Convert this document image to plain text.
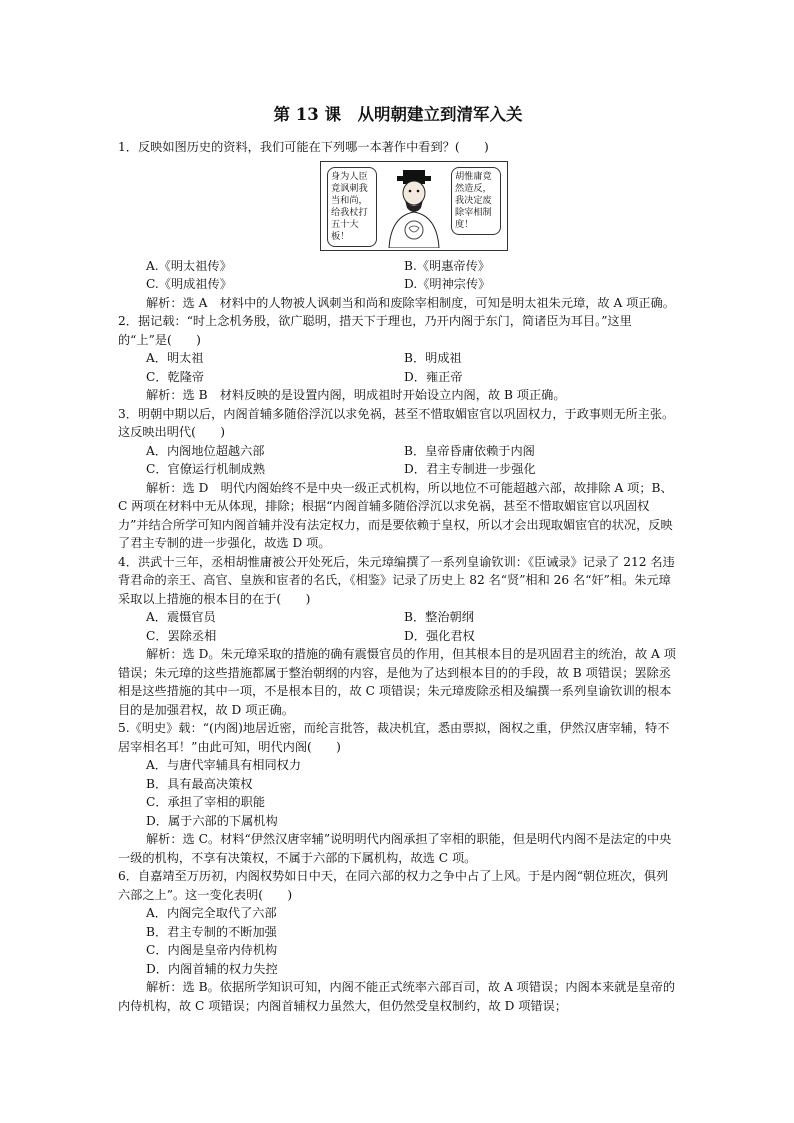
第 13 课　从明朝建立到清军入关

1．反映如图历史的资料，我们可能在下列哪一本著作中看到？(　　)

身为人臣竟讽刺我当和尚，给我杖打五十大板！
胡惟庸竟然造反，我决定废除宰相制度！
A.《明太祖传》	B.《明惠帝传》
C.《明成祖传》	D.《明神宗传》

解析：选 A　材料中的人物被人讽刺当和尚和废除宰相制度，可知是明太祖朱元璋，故 A 项正确。

2．据记载：“时上念机务殷，欲广聪明，措天下于理也，乃开内阁于东门，简诸臣为耳目。”这里的“上”是(　　)

A．明太祖	B．明成祖
C．乾隆帝	D．雍正帝

解析：选 B　材料反映的是设置内阁，明成祖时开始设立内阁，故 B 项正确。

3．明朝中期以后，内阁首辅多随俗浮沉以求免祸，甚至不惜取媚宦官以巩固权力，于政事则无所主张。这反映出明代(　　)

A．内阁地位超越六部	B．皇帝昏庸依赖于内阁
C．官僚运行机制成熟	D．君主专制进一步强化

解析：选 D　明代内阁始终不是中央一级正式机构，所以地位不可能超越六部，故排除 A 项；B、C 两项在材料中无从体现，排除；根据“内阁首辅多随俗浮沉以求免祸，甚至不惜取媚宦官以巩固权力”并结合所学可知内阁首辅并没有法定权力，而是要依赖于皇权，所以才会出现取媚宦官的状况，反映了君主专制的进一步强化，故选 D 项。

4．洪武十三年，丞相胡惟庸被公开处死后，朱元璋编撰了一系列皇谕钦训：《臣诫录》记录了 212 名违背君命的亲王、高官、皇族和宦者的名氏，《相鉴》记录了历史上 82 名“贤”相和 26 名“奸”相。朱元璋采取以上措施的根本目的在于(　　)

A．震慑官员	B．整治朝纲
C．罢除丞相	D．强化君权

解析：选 D。朱元璋采取的措施的确有震慑官员的作用，但其根本目的是巩固君主的统治，故 A 项错误；朱元璋的这些措施都属于整治朝纲的内容，是他为了达到根本目的的手段，故 B 项错误；罢除丞相是这些措施的其中一项，不是根本目的，故 C 项错误；朱元璋废除丞相及编撰一系列皇谕钦训的根本目的是加强君权，故 D 项正确。

5.《明史》载：“(内阁)地居近密，而纶言批答，裁决机宜，悉由票拟，阁权之重，伊然汉唐宰辅，特不居宰相名耳！”由此可知，明代内阁(　　)

A．与唐代宰辅具有相同权力
B．具有最高决策权
C．承担了宰相的职能
D．属于六部的下属机构

解析：选 C。材料“伊然汉唐宰辅”说明明代内阁承担了宰相的职能，但是明代内阁不是法定的中央一级的机构，不享有决策权，不属于六部的下属机构，故选 C 项。

6．自嘉靖至万历初，内阁权势如日中天，在同六部的权力之争中占了上风。于是内阁“朝位班次，俱列六部之上”。这一变化表明(　　)

A．内阁完全取代了六部
B．君主专制的不断加强
C．内阁是皇帝内侍机构
D．内阁首辅的权力失控

解析：选 B。依据所学知识可知，内阁不能正式统率六部百司，故 A 项错误；内阁本来就是皇帝的内侍机构，故 C 项错误；内阁首辅权力虽然大，但仍然受皇权制约，故 D 项错误；
